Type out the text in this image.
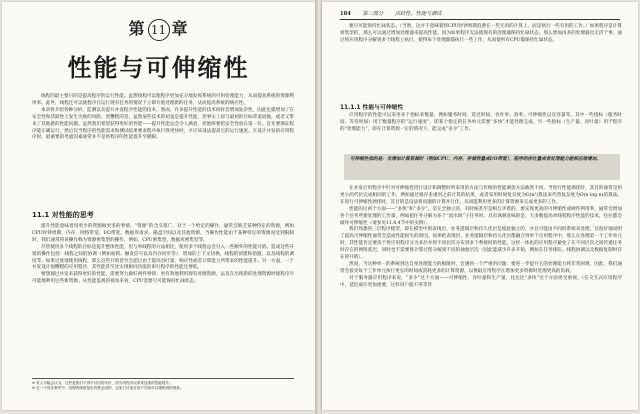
第 11 章
性能与可伸缩性

线程的最主要目的是提高程序的运行性能。虽然线程可以使程序更加充分地发挥系统的可用处理能力，从而提高系统的资源利用率。此外，线程还可以使程序在运行现有任务的情况下立即开始处理新的任务，从而提高系统的响应性。

本章将介绍各种分析、监测以及提升并发程序性能的技术。然而，许多提升性能的技术同样会增加复杂性，因此也就增加了在安全性和活跃性上发生失败的风险。更糟糕的是，虽然某些技术的初衷是提升性能，但事实上却与最初的目标背道而驰，或者又带来了其他新的性能问题。虽然我们希望获得更好的性能——提升性能总会令人满意，但始终要把安全性放在第一位。首先要保证程序能正确运行，然后仅当程序的性能需求和测试结果要求程序执行得更快时，才应该设法提高它的运行速度。在设计并发的应用程序时，最重要的考虑因素通常并不是将程序的性能提升至极限。

11.1 对性能的思考

提升性能意味着用更少的资源做更多的事情。“资源”的含义很广。对于一个给定的操作，通常会缺乏某种特定的资源，例如CPU时钟周期、内存、网络带宽、I/O带宽、数据库请求、磁盘空间以及其他资源。当操作性能由于某种特定的资源而受到限制时，我们通常将该操作称为资源密集型的操作，例如，CPU密集型、数据库密集型等。

尽管使用多个线程的目标是提升整体性能，但与单线程的方法相比，使用多个线程总会引入一些额外的性能开销。造成这些开销的操作包括：线程之间的协调（例如加锁、触发信号以及内存同步等），增加的上下文切换，线程的创建和销毁，以及线程的调度等。如果过度地使用线程，那么这些开销甚至会超过由于提高吞吐量、响应性或者计算能力所带来的性能提升。另一方面，一个并发设计很糟糕的应用程序，其性能甚至比实现相同功能的串行程序的性能还要低。

要想通过并发来获得更好的性能，需要努力做好两件事情：更有效地利用现有处理资源，以及在出现新的处理资源时使程序尽可能地利用这些新资源。从性能监视的视角来看，CPU需要尽可能保持忙碌状态。

⊖ 有人可能会认为，这些是我们不得不付出的代价，因为线程可以带来显著的性能提升。
⊖ 在一个同步事件中，线程的调度是由内核完成的，这里只讨论在用户空间可以观察到的现象。
184 第三部分 活跃性、性能与测试

要尽可能保持忙碌状态。（当然，这并不意味着将CPU时钟周期浪费在一些无用的计算上，而是执行一些有用的工作。）如果程序是计算密集型的，那么可以通过增加处理器来提高性能。因为如果程序无法使现有的处理器保持忙碌状态，那么增加再多的处理器也无济于事。通过将应用程序分解到多个线程上执行，使得每个处理器都执行一些工作，从而使所有CPU都保持忙碌状态。

11.1.1 性能与可伸缩性

应用程序的性能可以采用多个指标来衡量，例如服务时间、延迟时间、吞吐率、效率、可伸缩性以及容量等。其中一些指标（服务时间、等待时间）用于衡量程序的“运行速度”，即某个指定的任务单元需要“多快”才能处理完成。另一些指标（生产量、吞吐量）用于程序的“处理能力”，即在计算资源一定的情况下，能完成“多少”工作。

可伸缩性指的是：当增加计算资源时（例如CPU、内存、存储容量或I/O带宽），程序的吞吐量或者处理能力能相应地增加。

在并发应用程序中针对可伸缩性进行设计和调整时所采用的方法与传统的性能调优方法截然不同。当进行性能调优时，其目的通常是用更小的代价完成相同的工作，例如通过缓存来重用之前计算的结果，或者采用时间复杂度为O(n²)算法来代替复杂度为O(n log n)的算法。在进行可伸缩性调优时，其目的是设法将问题的计算并行化，从而能利用更多的计算资源来完成更多的工作。

性能的这两个方面——“多快”和“多少”，是完全独立的，有时候甚至是相互矛盾的。要实现更高的可伸缩性或硬件利用率，通常会增加各个任务所要处理的工作量，例如把任务分解为多个“流水线”子任务时。具有讽刺意味的是，大多数提高单线程程序性能的技术，往往都会破坏可伸缩性（请参见11.4.4节中的实例）。

我们熟悉的三层程序模型，即在模型中的表现层、业务逻辑层和持久化层是彼此独立的，并且可能由不同的系统来处理，这很好地说明了提高可伸缩性通常会造成性能损失的原因。如果把表现层、业务逻辑层和持久化层都融合到单个应用程序中，那么在处理第一个工作单元时，其性能肯定要高于将应用程序分为多层并将不同层次分布到多个系统时的性能。这样一体化的应用程序避免了在不同层次之间传递任务时存在的网络延迟，同时也不需要将计算过程分解到不同的抽象层次（因此能减少许多开销，例如在任务排队、线程协调以及数据复制时存在的开销）。

然而，当这种单一的系统到达自身处理能力的极限时，会遇到一个严重的问题：要进一步提升它的处理能力将非常困难。因此，我们通常会接受每个工作单元执行更长的时间或消耗更多的计算资源，以换取应用程序在增加更多资源时处理更高的负载。

对于服务器应用程序来说，“多少”这个方面——可伸缩性、吞吐量和生产量，往往比“多快”这个方面更受重视。（在交互式应用程序中，延迟或许更加重要，这样用户就不用等待
